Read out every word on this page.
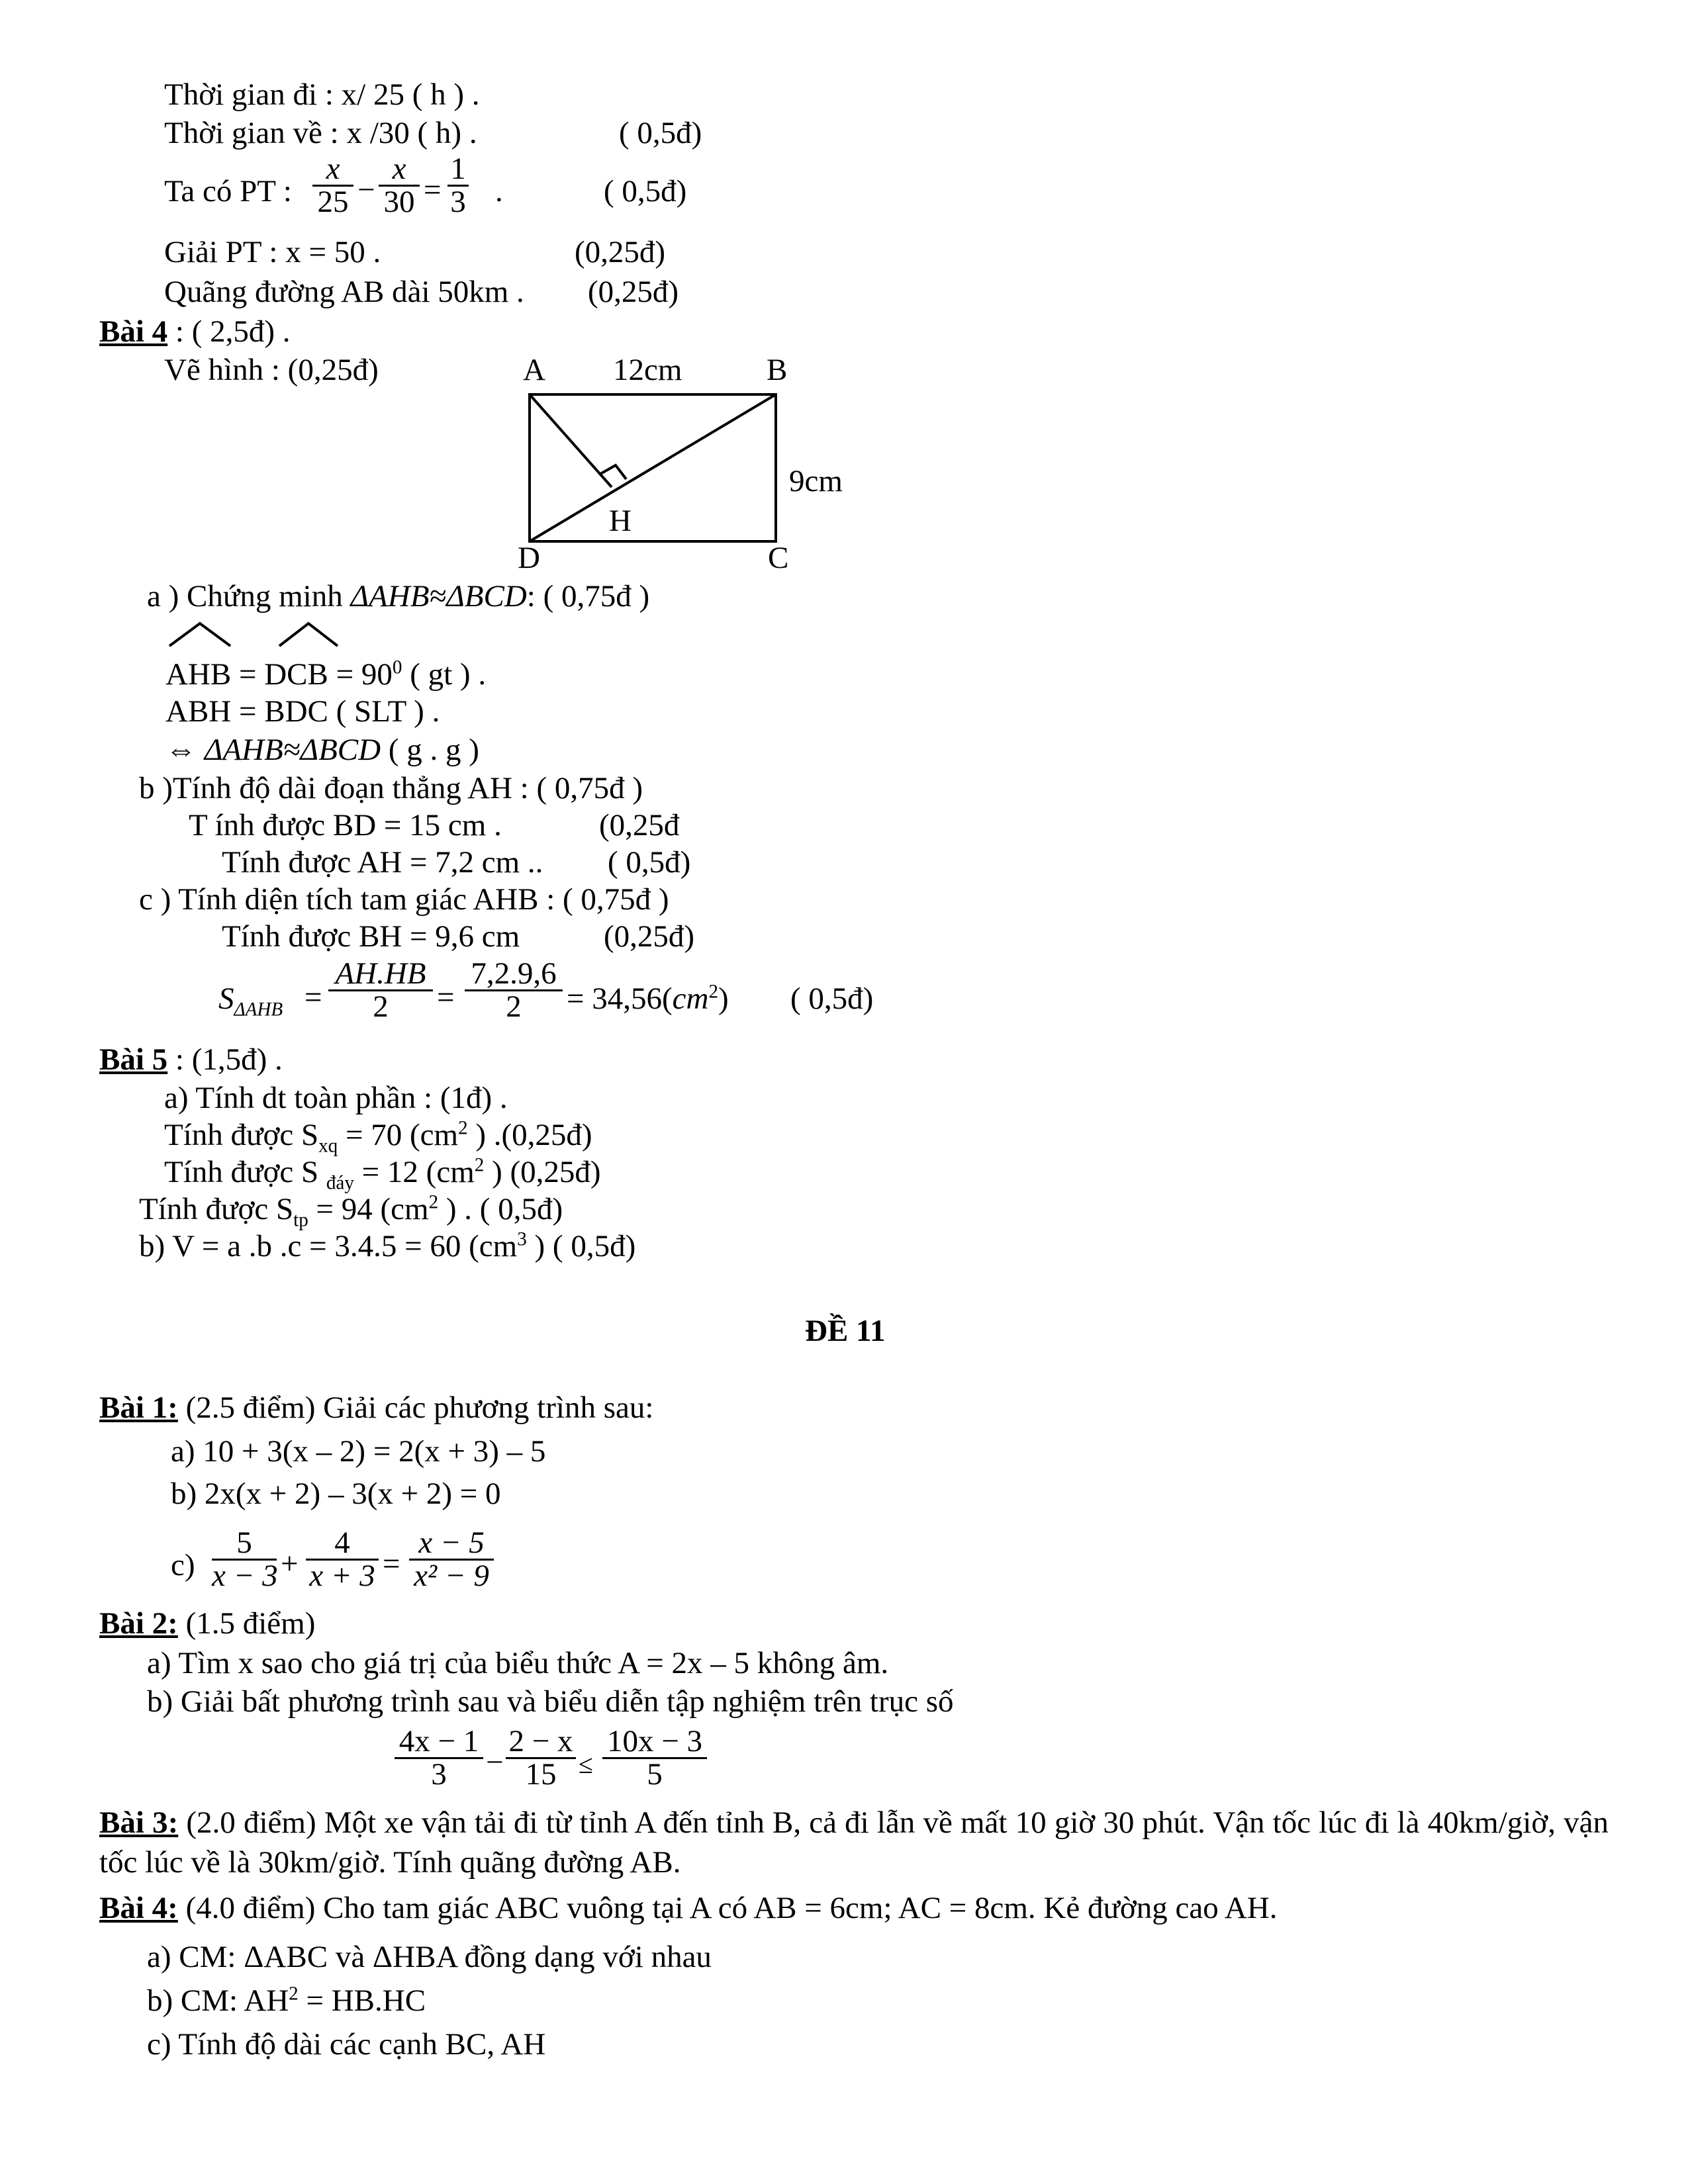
Thời gian đi : x/ 25 ( h ) .
Thời gian về : x /30 ( h) .	( 0,5đ)
Ta có PT :
x
25 −
x
30 =
1
3 .	( 0,5đ)
Giải PT : x = 50 .	(0,25đ)
Quãng đường AB dài 50km . (0,25đ)
Bài 4 : ( 2,5đ) .
Vẽ hình : (0,25đ)	A 12cm	B
9cm
H
D	C
a ) Chứng minh ΔAHB≈ΔBCD: ( 0,75đ )
AHB = DCB = $90^0$ ( gt ) .
ABH = BDC ( SLT ) .
⇔ ΔAHB≈ΔBCD ( g . g )
b )Tính độ dài đoạn thẳng AH : ( 0,75đ )
T ính được BD = 15 cm .	(0,25đ
Tính được AH = 7,2 cm .. ( 0,5đ)
c ) Tính diện tích tam giác AHB : ( 0,75đ )
Tính được BH = 9,6 cm	(0,25đ)
$S_{\Delta AHB}$ =
AH.HB
2	=
7,2.9,6
2	= $34,56(cm^2)$ ( 0,5đ)
Bài 5 : (1,5đ) .
a) Tính dt toàn phần : (1đ) .
Tính được $S_{xq} = 70$ ($cm^2$ ) .(0,25đ)
Tính được S $_{đáy}$ = 12 ($cm^2$ ) (0,25đ)
Tính được $S_{tp} = 94$ ($cm^2$ ) . ( 0,5đ)
b) V = a .b .c = 3.4.5 = 60 ($cm^3$ ) ( 0,5đ)
ĐỀ 11
Bài 1: (2.5 điểm) Giải các phương trình sau:
a) 10 + 3(x – 2) = 2(x + 3) – 5
b) 2x(x + 2) – 3(x + 2) = 0
c)
5
x − 3 +
4
x + 3 =
x − 5
x² − 9
Bài 2: (1.5 điểm)
a) Tìm x sao cho giá trị của biểu thức A = 2x – 5 không âm.
b) Giải bất phương trình sau và biểu diễn tập nghiệm trên trục số
4x − 1
3	−
2 − x
15 ≤
10x − 3
5
Bài 3: (2.0 điểm) Một xe vận tải đi từ tỉnh A đến tỉnh B, cả đi lẫn về mất 10 giờ 30 phút. Vận tốc lúc đi là 40km/giờ, vận tốc lúc về là 30km/giờ. Tính quãng đường AB.
Bài 4: (4.0 điểm) Cho tam giác ABC vuông tại A có AB = 6cm; AC = 8cm. Kẻ đường cao AH.
a) CM: ΔABC và ΔHBA đồng dạng với nhau
b) CM: $AH^2 = HB.HC$
c) Tính độ dài các cạnh BC, AH
